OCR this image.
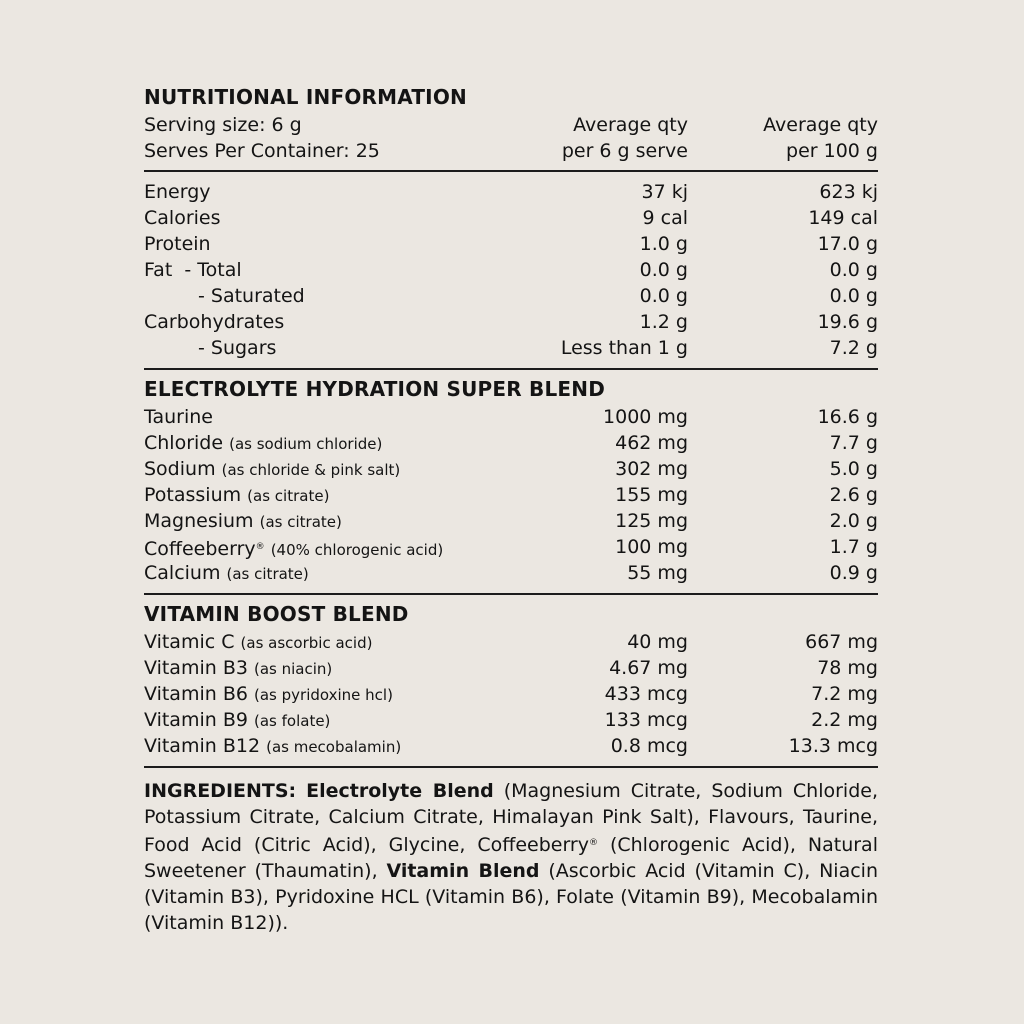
NUTRITIONAL INFORMATION
Serving size: 6 g	Average qty	Average qty
Serves Per Container: 25	per 6 g serve	per 100 g
Energy	37 kj	623 kj
Calories	9 cal	149 cal
Protein	1.0 g	17.0 g
Fat  - Total	0.0 g	0.0 g
- Saturated	0.0 g	0.0 g
Carbohydrates	1.2 g	19.6 g
- Sugars	Less than 1 g	7.2 g
ELECTROLYTE HYDRATION SUPER BLEND
Taurine	1000 mg	16.6 g
Chloride (as sodium chloride)	462 mg	7.7 g
Sodium (as chloride & pink salt)	302 mg	5.0 g
Potassium (as citrate)	155 mg	2.6 g
Magnesium (as citrate)	125 mg	2.0 g
Coffeeberry® (40% chlorogenic acid)	100 mg	1.7 g
Calcium (as citrate)	55 mg	0.9 g
VITAMIN BOOST BLEND
Vitamic C (as ascorbic acid)	40 mg	667 mg
Vitamin B3 (as niacin)	4.67 mg	78 mg
Vitamin B6 (as pyridoxine hcl)	433 mcg	7.2 mg
Vitamin B9 (as folate)	133 mcg	2.2 mg
Vitamin B12 (as mecobalamin)	0.8 mcg	13.3 mcg
INGREDIENTS: Electrolyte Blend (Magnesium Citrate, Sodium Chloride, Potassium Citrate, Calcium Citrate, Himalayan Pink Salt), Flavours, Taurine, Food Acid (Citric Acid), Glycine, Coffeeberry® (Chlorogenic Acid), Natural Sweetener (Thaumatin), Vitamin Blend (Ascorbic Acid (Vitamin C), Niacin (Vitamin B3), Pyridoxine HCL (Vitamin B6), Folate (Vitamin B9), Mecobalamin (Vitamin B12)).
